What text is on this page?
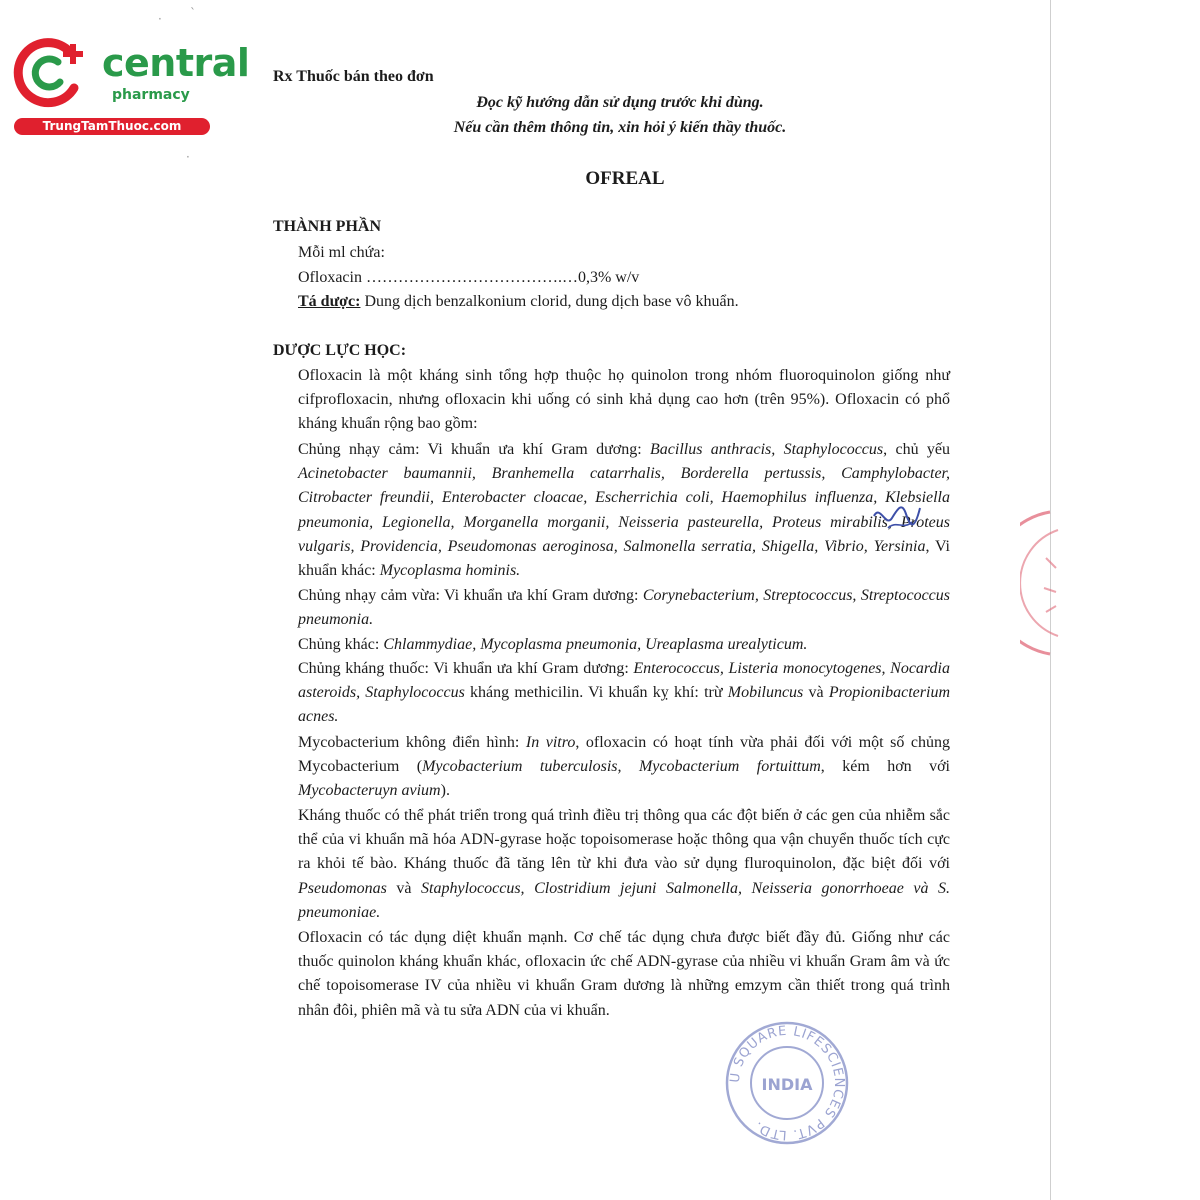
· `
·
central
pharmacy
TrungTamThuoc.com
Rx Thuốc bán theo đơn
Đọc kỹ hướng dẫn sử dụng trước khi dùng.
Nếu cần thêm thông tin, xin hỏi ý kiến thầy thuốc.
OFREAL
THÀNH PHẦN
Mỗi ml chứa:
Ofloxacin ……………………………….…0,3% w/v
Tá dược: Dung dịch benzalkonium clorid, dung dịch base vô khuẩn.
DƯỢC LỰC HỌC:
Ofloxacin là một kháng sinh tổng hợp thuộc họ quinolon trong nhóm fluoroquinolon giống như cifprofloxacin, nhưng ofloxacin khi uống có sinh khả dụng cao hơn (trên 95%). Ofloxacin có phổ kháng khuẩn rộng bao gồm:
Chủng nhạy cảm: Vi khuẩn ưa khí Gram dương: Bacillus anthracis, Staphylococcus, chủ yếu Acinetobacter baumannii, Branhemella catarrhalis, Borderella pertussis, Camphylobacter, Citrobacter freundii, Enterobacter cloacae, Escherrichia coli, Haemophilus influenza, Klebsiella pneumonia, Legionella, Morganella morganii, Neisseria pasteurella, Proteus mirabilis, Proteus vulgaris, Providencia, Pseudomonas aeroginosa, Salmonella serratia, Shigella, Vibrio, Yersinia, Vi khuẩn khác: Mycoplasma hominis.
Chủng nhạy cảm vừa: Vi khuẩn ưa khí Gram dương: Corynebacterium, Streptococcus, Streptococcus pneumonia.
Chủng khác: Chlammydiae, Mycoplasma pneumonia, Ureaplasma urealyticum.
Chủng kháng thuốc: Vi khuẩn ưa khí Gram dương: Enterococcus, Listeria monocytogenes, Nocardia asteroids, Staphylococcus kháng methicilin. Vi khuẩn kỵ khí: trừ Mobiluncus và Propionibacterium acnes.
Mycobacterium không điển hình: In vitro, ofloxacin có hoạt tính vừa phải đối với một số chủng Mycobacterium (Mycobacterium tuberculosis, Mycobacterium fortuittum, kém hơn với Mycobacteruyn avium).
Kháng thuốc có thể phát triển trong quá trình điều trị thông qua các đột biến ở các gen của nhiễm sắc thể của vi khuẩn mã hóa ADN-gyrase hoặc topoisomerase hoặc thông qua vận chuyển thuốc tích cực ra khỏi tế bào. Kháng thuốc đã tăng lên từ khi đưa vào sử dụng fluroquinolon, đặc biệt đối với Pseudomonas và Staphylococcus, Clostridium jejuni Salmonella, Neisseria gonorrhoeae và S. pneumoniae.
Ofloxacin có tác dụng diệt khuẩn mạnh. Cơ chế tác dụng chưa được biết đầy đủ. Giống như các thuốc quinolon kháng khuẩn khác, ofloxacin ức chế ADN-gyrase của nhiều vi khuẩn Gram âm và ức chế topoisomerase IV của nhiều vi khuẩn Gram dương là những emzym cần thiết trong quá trình nhân đôi, phiên mã và tu sửa ADN của vi khuẩn.
U SQUARE LIFESCIENCES PVT. LTD.
INDIA
